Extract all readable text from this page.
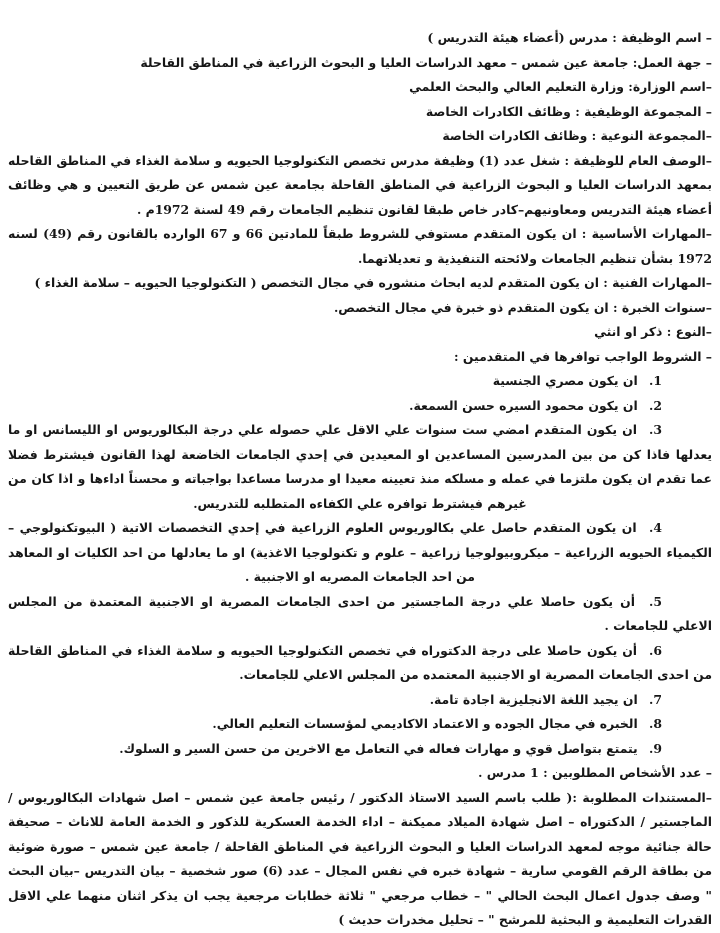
– اسم الوظيفة : مدرس (أعضاء هيئة التدريس )

– جهة العمل: جامعة عين شمس – معهد الدراسات العليا و البحوث الزراعية في المناطق القاحلة

–اسم الوزارة: وزارة التعليم العالي والبحث العلمي

– المجموعة الوظيفية : وظائف الكادرات الخاصة

–المجموعة النوعية : وظائف الكادرات الخاصة

–الوصف العام للوظيفة : شغل عدد (1) وظيفة مدرس تخصص التكنولوجيا الحيويه و سلامة الغذاء في المناطق القاحله بمعهد الدراسات العليا و البحوث الزراعية في المناطق القاحلة بجامعة عين شمس عن طريق التعيين و هي وظائف أعضاء هيئة التدريس ومعاونيهم–كادر خاص طبقا لقانون تنظيم الجامعات رقم 49 لسنة 1972م .

–المهارات الأساسية : ان يكون المتقدم مستوفي للشروط طبقاً للمادتين 66 و 67 الوارده بالقانون رقم (49) لسنه 1972 بشأن تنظيم الجامعات ولائحته التنفيذية و تعديلاتهما.

–المهارات الفنية : ان يكون المتقدم لديه ابحاث منشوره في مجال التخصص ( التكنولوجيا الحيويه – سلامة الغذاء )

–سنوات الخبرة : ان يكون المتقدم ذو خبرة في مجال التخصص.

–النوع : ذكر او انثي

– الشروط الواجب توافرها في المتقدمين :

1. ان يكون مصري الجنسية
2. ان يكون محمود السيره حسن السمعة.
3. ان يكون المتقدم امضي ست سنوات علي الاقل علي حصوله علي درجة البكالوريوس او الليسانس او ما يعدلها فاذا كن من بين المدرسين المساعدين او المعيدين في إحدي الجامعات الخاضعة لهذا القانون فيشترط فضلا عما تقدم ان يكون ملتزما في عمله و مسلكه منذ تعيينه معيدا او مدرسا مساعدا بواجباته و محسناً اداءها و اذا كان من غيرهم فيشترط توافره علي الكفاءه المتطلبه للتدريس.
4. ان يكون المتقدم حاصل علي بكالوريوس العلوم الزراعية في إحدي التخصصات الاتية ( البيوتكنولوجي – الكيمياء الحيويه الزراعية – ميكروبيولوجيا زراعية – علوم و تكنولوجيا الاغذية) او ما يعادلها من احد الكليات او المعاهد من احد الجامعات المصريه او الاجنبية .
5. أن يكون حاصلا علي درجة الماجستير من احدى الجامعات المصرية او الاجنبية المعتمدة من المجلس الاعلي للجامعات .
6. أن يكون حاصلا على درجة الدكتوراه في تخصص التكنولوجيا الحيويه و سلامة الغذاء في المناطق القاحلة من احدى الجامعات المصرية او الاجنبية المعتمده من المجلس الاعلي للجامعات.
7. ان يجيد اللغة الانجليزية اجادة تامة.
8. الخبره في مجال الجوده و الاعتماد الاكاديمي لمؤسسات التعليم العالي.
9. يتمتع بتواصل قوي و مهارات فعاله في التعامل مع الاخرين من حسن السير و السلوك.

– عدد الأشخاص المطلوبين : 1 مدرس .

–المستندات المطلوبة :( طلب باسم السيد الاستاذ الدكتور / رئيس جامعة عين شمس – اصل شهادات البكالوريوس / الماجستير / الدكتوراه – اصل شهادة الميلاد مميكنة – اداء الخدمة العسكرية للذكور و الخدمة العامة للاناث – صحيفة حالة جنائية موجه لمعهد الدراسات العليا و البحوث الزراعية في المناطق القاحلة / جامعة عين شمس – صورة ضوئية من بطاقة الرقم القومي سارية – شهادة خبره في نفس المجال – عدد (6) صور شخصية – بيان التدريس –بيان البحث " وصف جدول اعمال البحث الحالي " – خطاب مرجعي " ثلاثة خطابات مرجعية يجب ان يذكر اثنان منهما علي الاقل القدرات التعليمية و البحثية للمرشح " – تحليل مخدرات حديث )
